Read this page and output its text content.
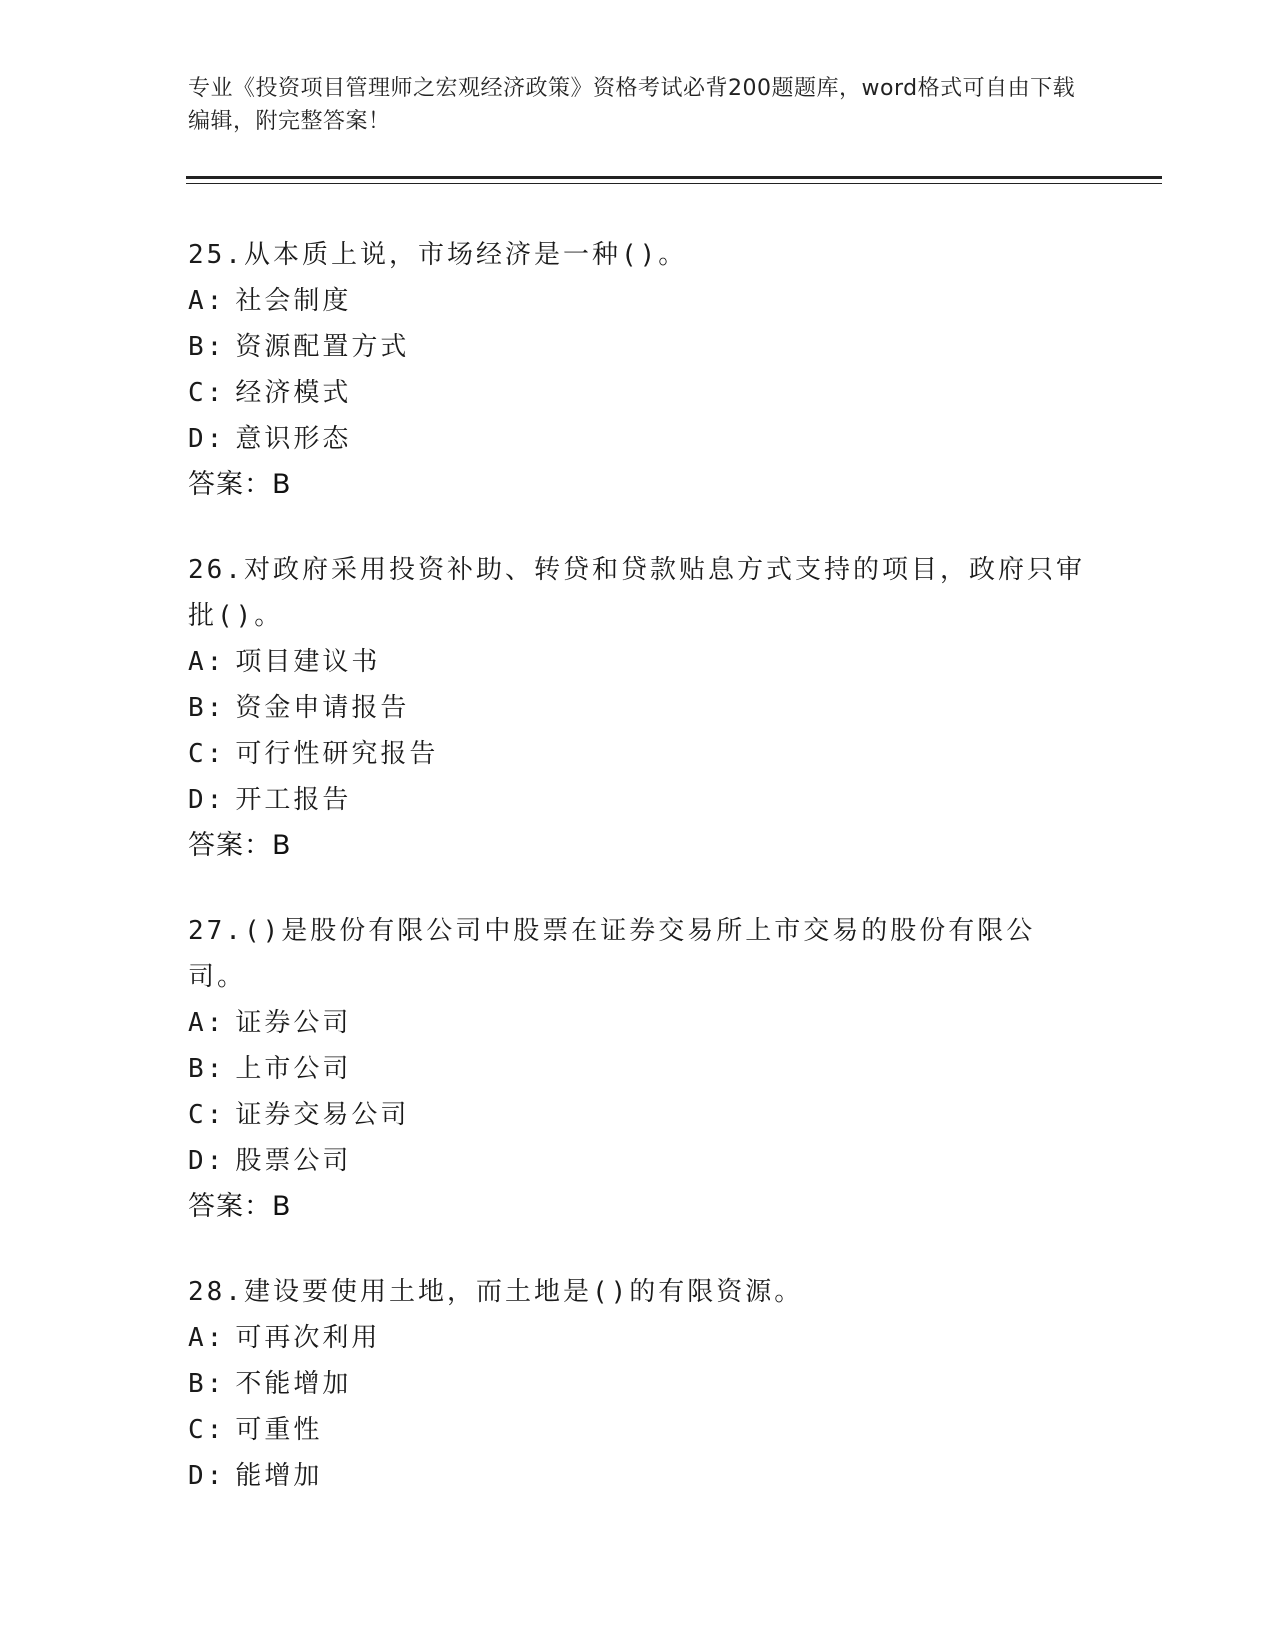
专业《投资项目管理师之宏观经济政策》资格考试必背200题题库，word格式可自由下载编辑，附完整答案！
25.从本质上说，市场经济是一种()。
A: 社会制度
B: 资源配置方式
C: 经济模式
D: 意识形态
答案：B
26.对政府采用投资补助、转贷和贷款贴息方式支持的项目，政府只审批()。
A: 项目建议书
B: 资金申请报告
C: 可行性研究报告
D: 开工报告
答案：B
27.()是股份有限公司中股票在证券交易所上市交易的股份有限公司。
A: 证券公司
B: 上市公司
C: 证券交易公司
D: 股票公司
答案：B
28.建设要使用土地，而土地是()的有限资源。
A: 可再次利用
B: 不能增加
C: 可重性
D: 能增加
